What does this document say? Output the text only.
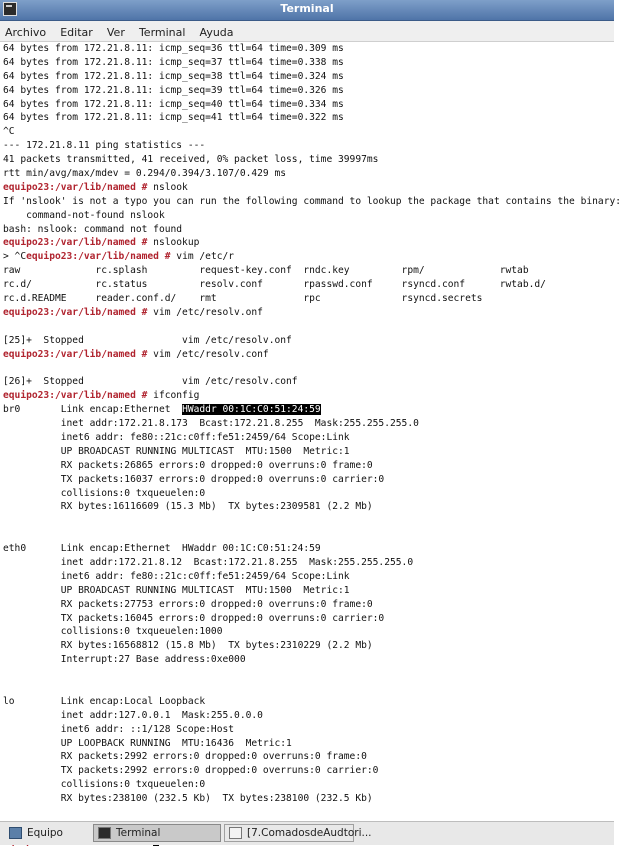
Terminal
Archivo Editar Ver Terminal Ayuda
64 bytes from 172.21.8.11: icmp_seq=36 ttl=64 time=0.309 ms
64 bytes from 172.21.8.11: icmp_seq=37 ttl=64 time=0.338 ms
64 bytes from 172.21.8.11: icmp_seq=38 ttl=64 time=0.324 ms
64 bytes from 172.21.8.11: icmp_seq=39 ttl=64 time=0.326 ms
64 bytes from 172.21.8.11: icmp_seq=40 ttl=64 time=0.334 ms
64 bytes from 172.21.8.11: icmp_seq=41 ttl=64 time=0.322 ms
^C
--- 172.21.8.11 ping statistics ---
41 packets transmitted, 41 received, 0% packet loss, time 39997ms
rtt min/avg/max/mdev = 0.294/0.394/3.107/0.429 ms
equipo23:/var/lib/named # nslook
If 'nslook' is not a typo you can run the following command to lookup the package that contains the binary:
command-not-found nslook
bash: nslook: command not found
equipo23:/var/lib/named # nslookup
> ^Cequipo23:/var/lib/named # vim /etc/r
raw             rc.splash         request-key.conf  rndc.key         rpm/             rwtab
rc.d/           rc.status         resolv.conf       rpasswd.conf     rsyncd.conf      rwtab.d/
rc.d.README     reader.conf.d/    rmt               rpc              rsyncd.secrets
equipo23:/var/lib/named # vim /etc/resolv.onf
[25]+  Stopped                 vim /etc/resolv.onf
equipo23:/var/lib/named # vim /etc/resolv.conf
[26]+  Stopped                 vim /etc/resolv.conf
equipo23:/var/lib/named # ifconfig
br0       Link encap:Ethernet  HWaddr 00:1C:C0:51:24:59
inet addr:172.21.8.173  Bcast:172.21.8.255  Mask:255.255.255.0
inet6 addr: fe80::21c:c0ff:fe51:2459/64 Scope:Link
UP BROADCAST RUNNING MULTICAST  MTU:1500  Metric:1
RX packets:26865 errors:0 dropped:0 overruns:0 frame:0
TX packets:16037 errors:0 dropped:0 overruns:0 carrier:0
collisions:0 txqueuelen:0
RX bytes:16116609 (15.3 Mb)  TX bytes:2309581 (2.2 Mb)
eth0      Link encap:Ethernet  HWaddr 00:1C:C0:51:24:59
inet addr:172.21.8.12  Bcast:172.21.8.255  Mask:255.255.255.0
inet6 addr: fe80::21c:c0ff:fe51:2459/64 Scope:Link
UP BROADCAST RUNNING MULTICAST  MTU:1500  Metric:1
RX packets:27753 errors:0 dropped:0 overruns:0 frame:0
TX packets:16045 errors:0 dropped:0 overruns:0 carrier:0
collisions:0 txqueuelen:1000
RX bytes:16568812 (15.8 Mb)  TX bytes:2310229 (2.2 Mb)
Interrupt:27 Base address:0xe000
lo        Link encap:Local Loopback
inet addr:127.0.0.1  Mask:255.0.0.0
inet6 addr: ::1/128 Scope:Host
UP LOOPBACK RUNNING  MTU:16436  Metric:1
RX packets:2992 errors:0 dropped:0 overruns:0 frame:0
TX packets:2992 errors:0 dropped:0 overruns:0 carrier:0
collisions:0 txqueuelen:0
RX bytes:238100 (232.5 Kb)  TX bytes:238100 (232.5 Kb)

Equipo	Terminal	[7.ComadosdeAudtori...
